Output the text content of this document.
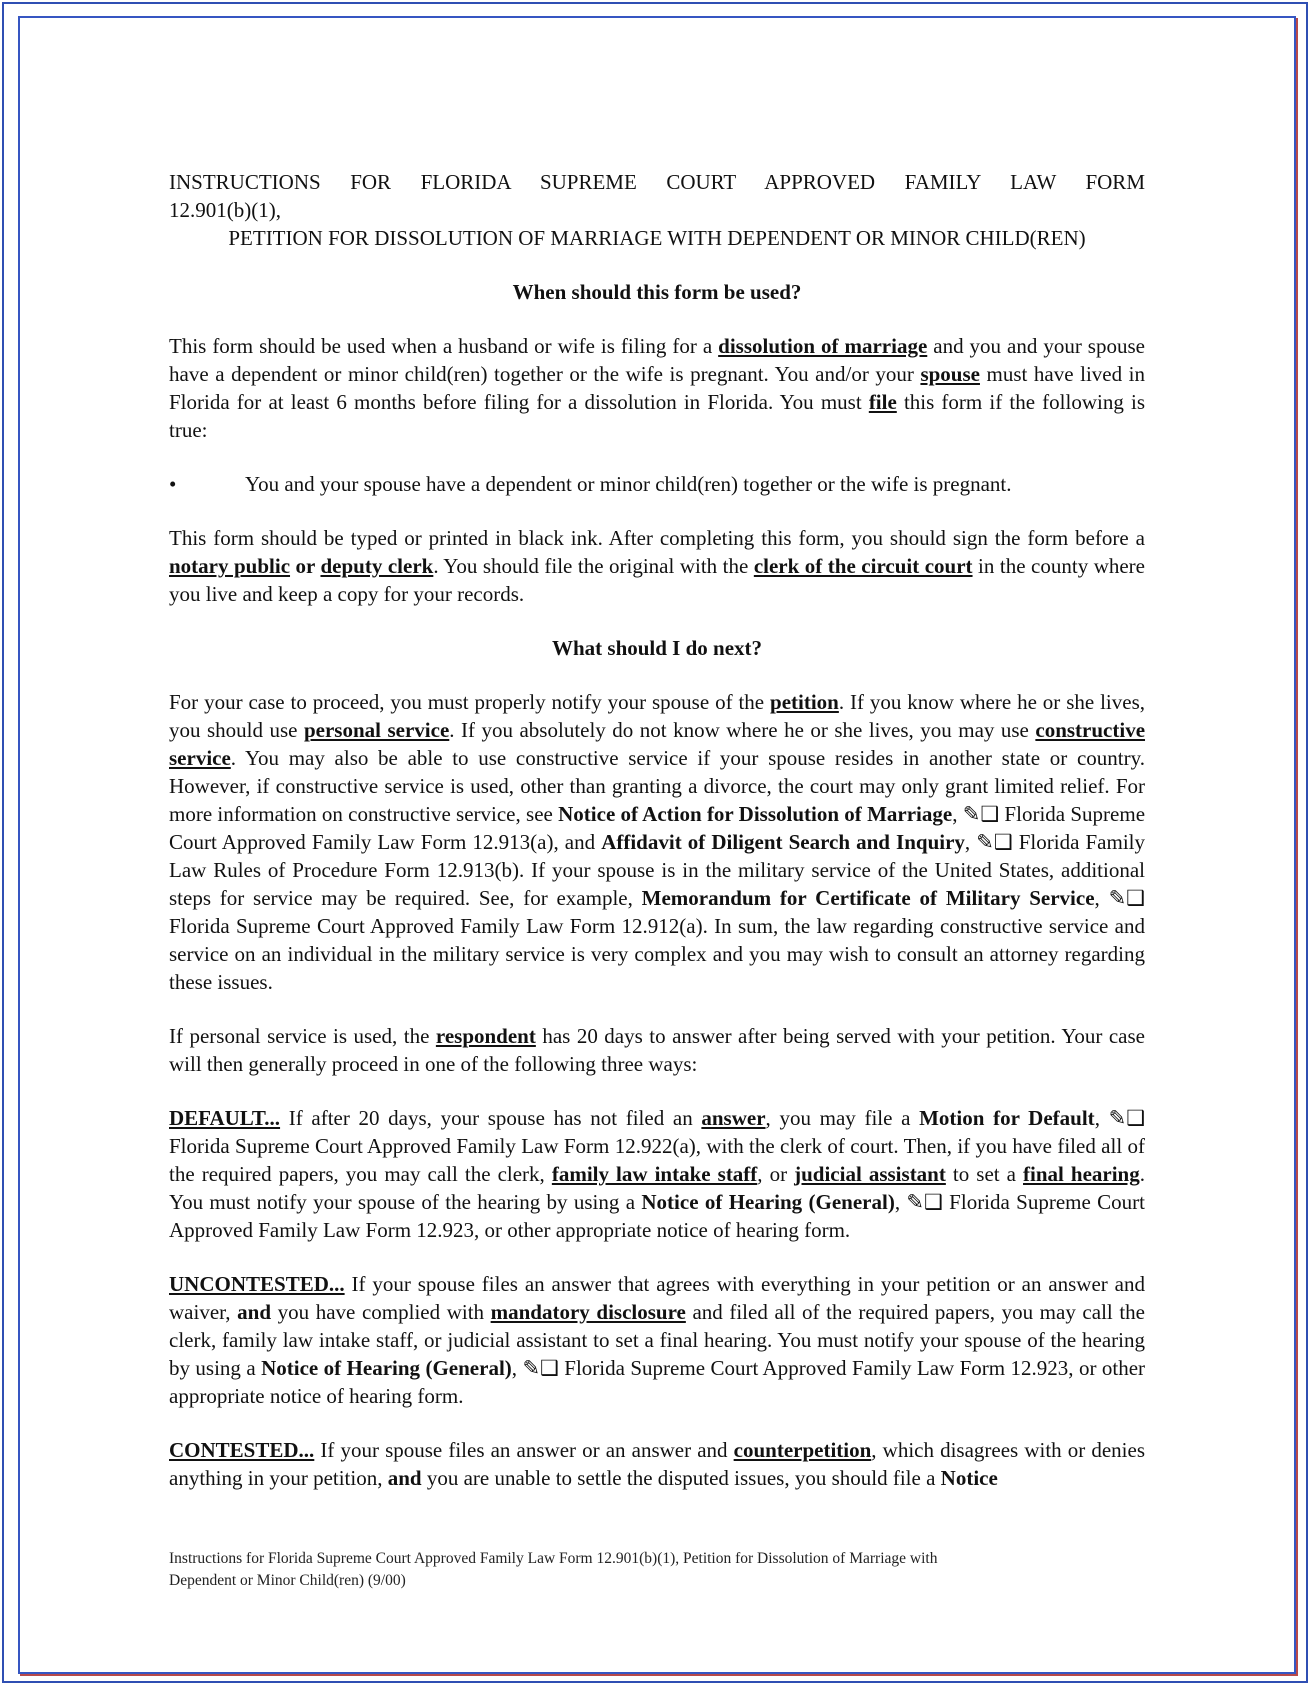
INSTRUCTIONS FOR FLORIDA SUPREME COURT APPROVED FAMILY LAW FORM
12.901(b)(1),
PETITION FOR DISSOLUTION OF MARRIAGE WITH DEPENDENT OR MINOR CHILD(REN)
When should this form be used?

This form should be used when a husband or wife is filing for a dissolution of marriage and you and your spouse have a dependent or minor child(ren) together or the wife is pregnant. You and/or your spouse must have lived in Florida for at least 6 months before filing for a dissolution in Florida. You must file this form if the following is true:

•	You and your spouse have a dependent or minor child(ren) together or the wife is pregnant.

This form should be typed or printed in black ink. After completing this form, you should sign the form before a notary public or deputy clerk. You should file the original with the clerk of the circuit court in the county where you live and keep a copy for your records.

What should I do next?

For your case to proceed, you must properly notify your spouse of the petition. If you know where he or she lives, you should use personal service. If you absolutely do not know where he or she lives, you may use constructive service. You may also be able to use constructive service if your spouse resides in another state or country. However, if constructive service is used, other than granting a divorce, the court may only grant limited relief. For more information on constructive service, see Notice of Action for Dissolution of Marriage, ✎❑ Florida Supreme Court Approved Family Law Form 12.913(a), and Affidavit of Diligent Search and Inquiry, ✎❑ Florida Family Law Rules of Procedure Form 12.913(b). If your spouse is in the military service of the United States, additional steps for service may be required. See, for example, Memorandum for Certificate of Military Service, ✎❑ Florida Supreme Court Approved Family Law Form 12.912(a). In sum, the law regarding constructive service and service on an individual in the military service is very complex and you may wish to consult an attorney regarding these issues.

If personal service is used, the respondent has 20 days to answer after being served with your petition. Your case will then generally proceed in one of the following three ways:

DEFAULT... If after 20 days, your spouse has not filed an answer, you may file a Motion for Default, ✎❑ Florida Supreme Court Approved Family Law Form 12.922(a), with the clerk of court. Then, if you have filed all of the required papers, you may call the clerk, family law intake staff, or judicial assistant to set a final hearing. You must notify your spouse of the hearing by using a Notice of Hearing (General), ✎❑ Florida Supreme Court Approved Family Law Form 12.923, or other appropriate notice of hearing form.

UNCONTESTED... If your spouse files an answer that agrees with everything in your petition or an answer and waiver, and you have complied with mandatory disclosure and filed all of the required papers, you may call the clerk, family law intake staff, or judicial assistant to set a final hearing. You must notify your spouse of the hearing by using a Notice of Hearing (General), ✎❑ Florida Supreme Court Approved Family Law Form 12.923, or other appropriate notice of hearing form.

CONTESTED... If your spouse files an answer or an answer and counterpetition, which disagrees with or denies anything in your petition, and you are unable to settle the disputed issues, you should file a Notice

Instructions for Florida Supreme Court Approved Family Law Form 12.901(b)(1), Petition for Dissolution of Marriage with
Dependent or Minor Child(ren) (9/00)
